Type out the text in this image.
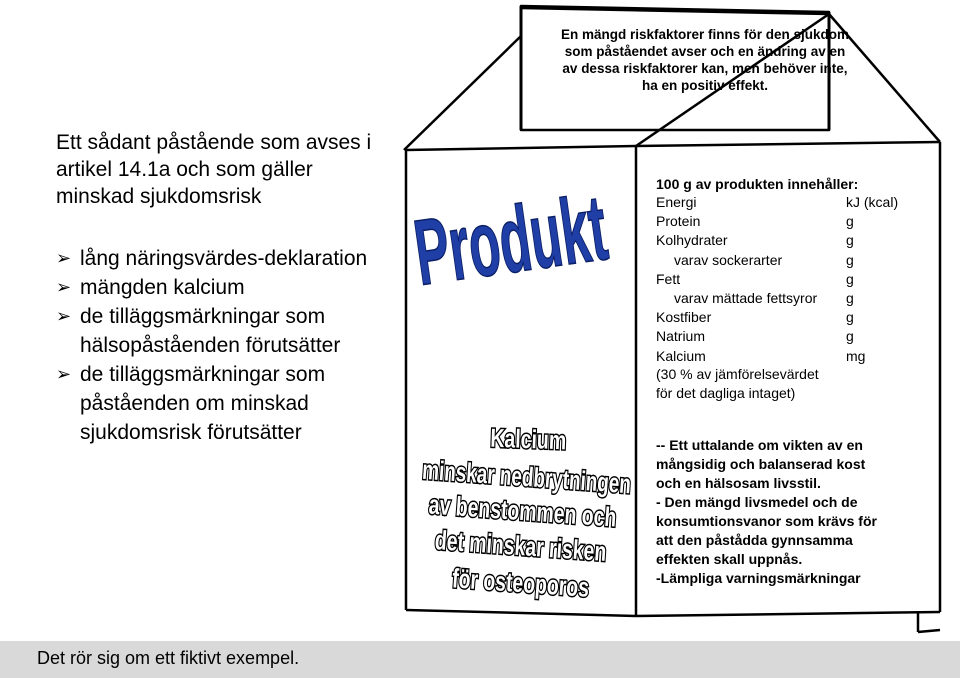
Ett sådant påstående som avses i artikel 14.1a och som gäller minskad sjukdomsrisk
➢ lång näringsvärdes-deklaration
➢ mängden kalcium
➢ de tilläggsmärkningar som hälsopåståenden förutsätter
➢ de tilläggsmärkningar som påståenden om minskad sjukdomsrisk förutsätter
Produkt
Kalcium
minskar nedbrytningen
av benstommen och
det minskar risken
för osteoporos
En mängd riskfaktorer finns för den sjukdom som påståendet avser och en ändring av en av dessa riskfaktorer kan, men behöver inte, ha en positiv effekt.
100 g av produkten innehåller:
Energi	kJ (kcal)
Protein	g
Kolhydrater	g
varav sockerarter	g
Fett	g
varav mättade fettsyror g
Kostfiber	g
Natrium	g
Kalcium	mg
(30 % av jämförelsevärdet
för det dagliga intaget)
-- Ett uttalande om vikten av en
mångsidig och balanserad kost
och en hälsosam livsstil.
- Den mängd livsmedel och de
konsumtionsvanor som krävs för
att den påstådda gynnsamma
effekten skall uppnås.
-Lämpliga varningsmärkningar
Det rör sig om ett fiktivt exempel.
